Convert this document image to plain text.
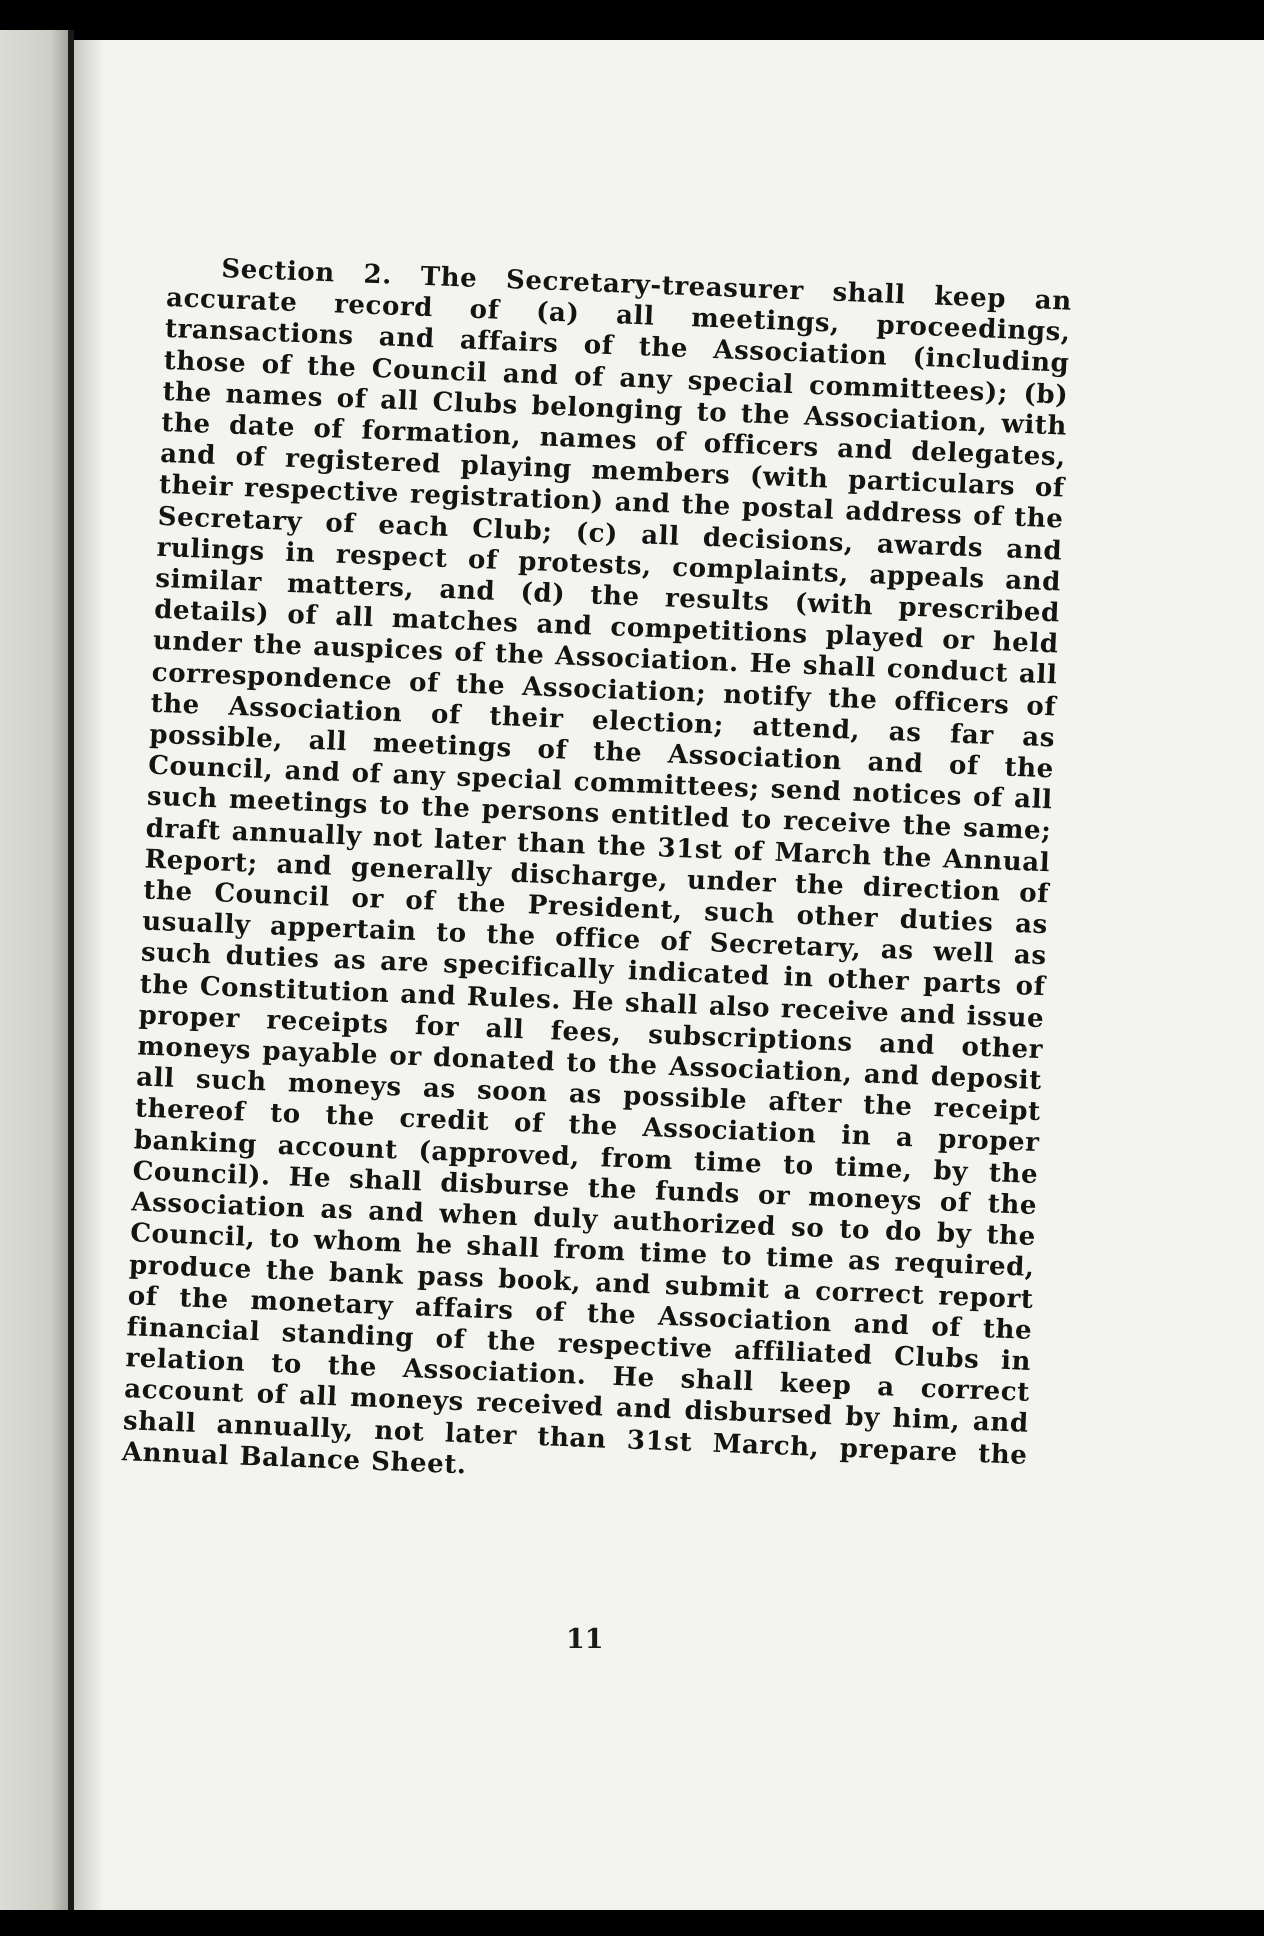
Section 2. The Secretary-treasurer shall keep an accurate record of (a) all meetings, proceedings, transactions and affairs of the Association (including those of the Council and of any special committees); (b) the names of all Clubs belonging to the Association, with the date of formation, names of officers and delegates, and of registered playing members (with particulars of their respective registration) and the postal address of the Secretary of each Club; (c) all decisions, awards and rulings in respect of protests, complaints, appeals and similar matters, and (d) the results (with prescribed details) of all matches and competitions played or held under the auspices of the Association. He shall conduct all correspondence of the Association; notify the officers of the Association of their election; attend, as far as possible, all meetings of the Association and of the Council, and of any special committees; send notices of all such meetings to the persons entitled to receive the same; draft annually not later than the 31st of March the Annual Report; and generally discharge, under the direction of the Council or of the President, such other duties as usually appertain to the office of Secretary, as well as such duties as are specifically indicated in other parts of the Constitution and Rules. He shall also receive and issue proper receipts for all fees, subscriptions and other moneys payable or donated to the Association, and deposit all such moneys as soon as possible after the receipt thereof to the credit of the Association in a proper banking account (approved, from time to time, by the Council). He shall disburse the funds or moneys of the Association as and when duly authorized so to do by the Council, to whom he shall from time to time as required, produce the bank pass book, and submit a correct report of the monetary affairs of the Association and of the financial standing of the respective affiliated Clubs in relation to the Association. He shall keep a correct account of all moneys received and disbursed by him, and shall annually, not later than 31st March, prepare the Annual Balance Sheet.

11
